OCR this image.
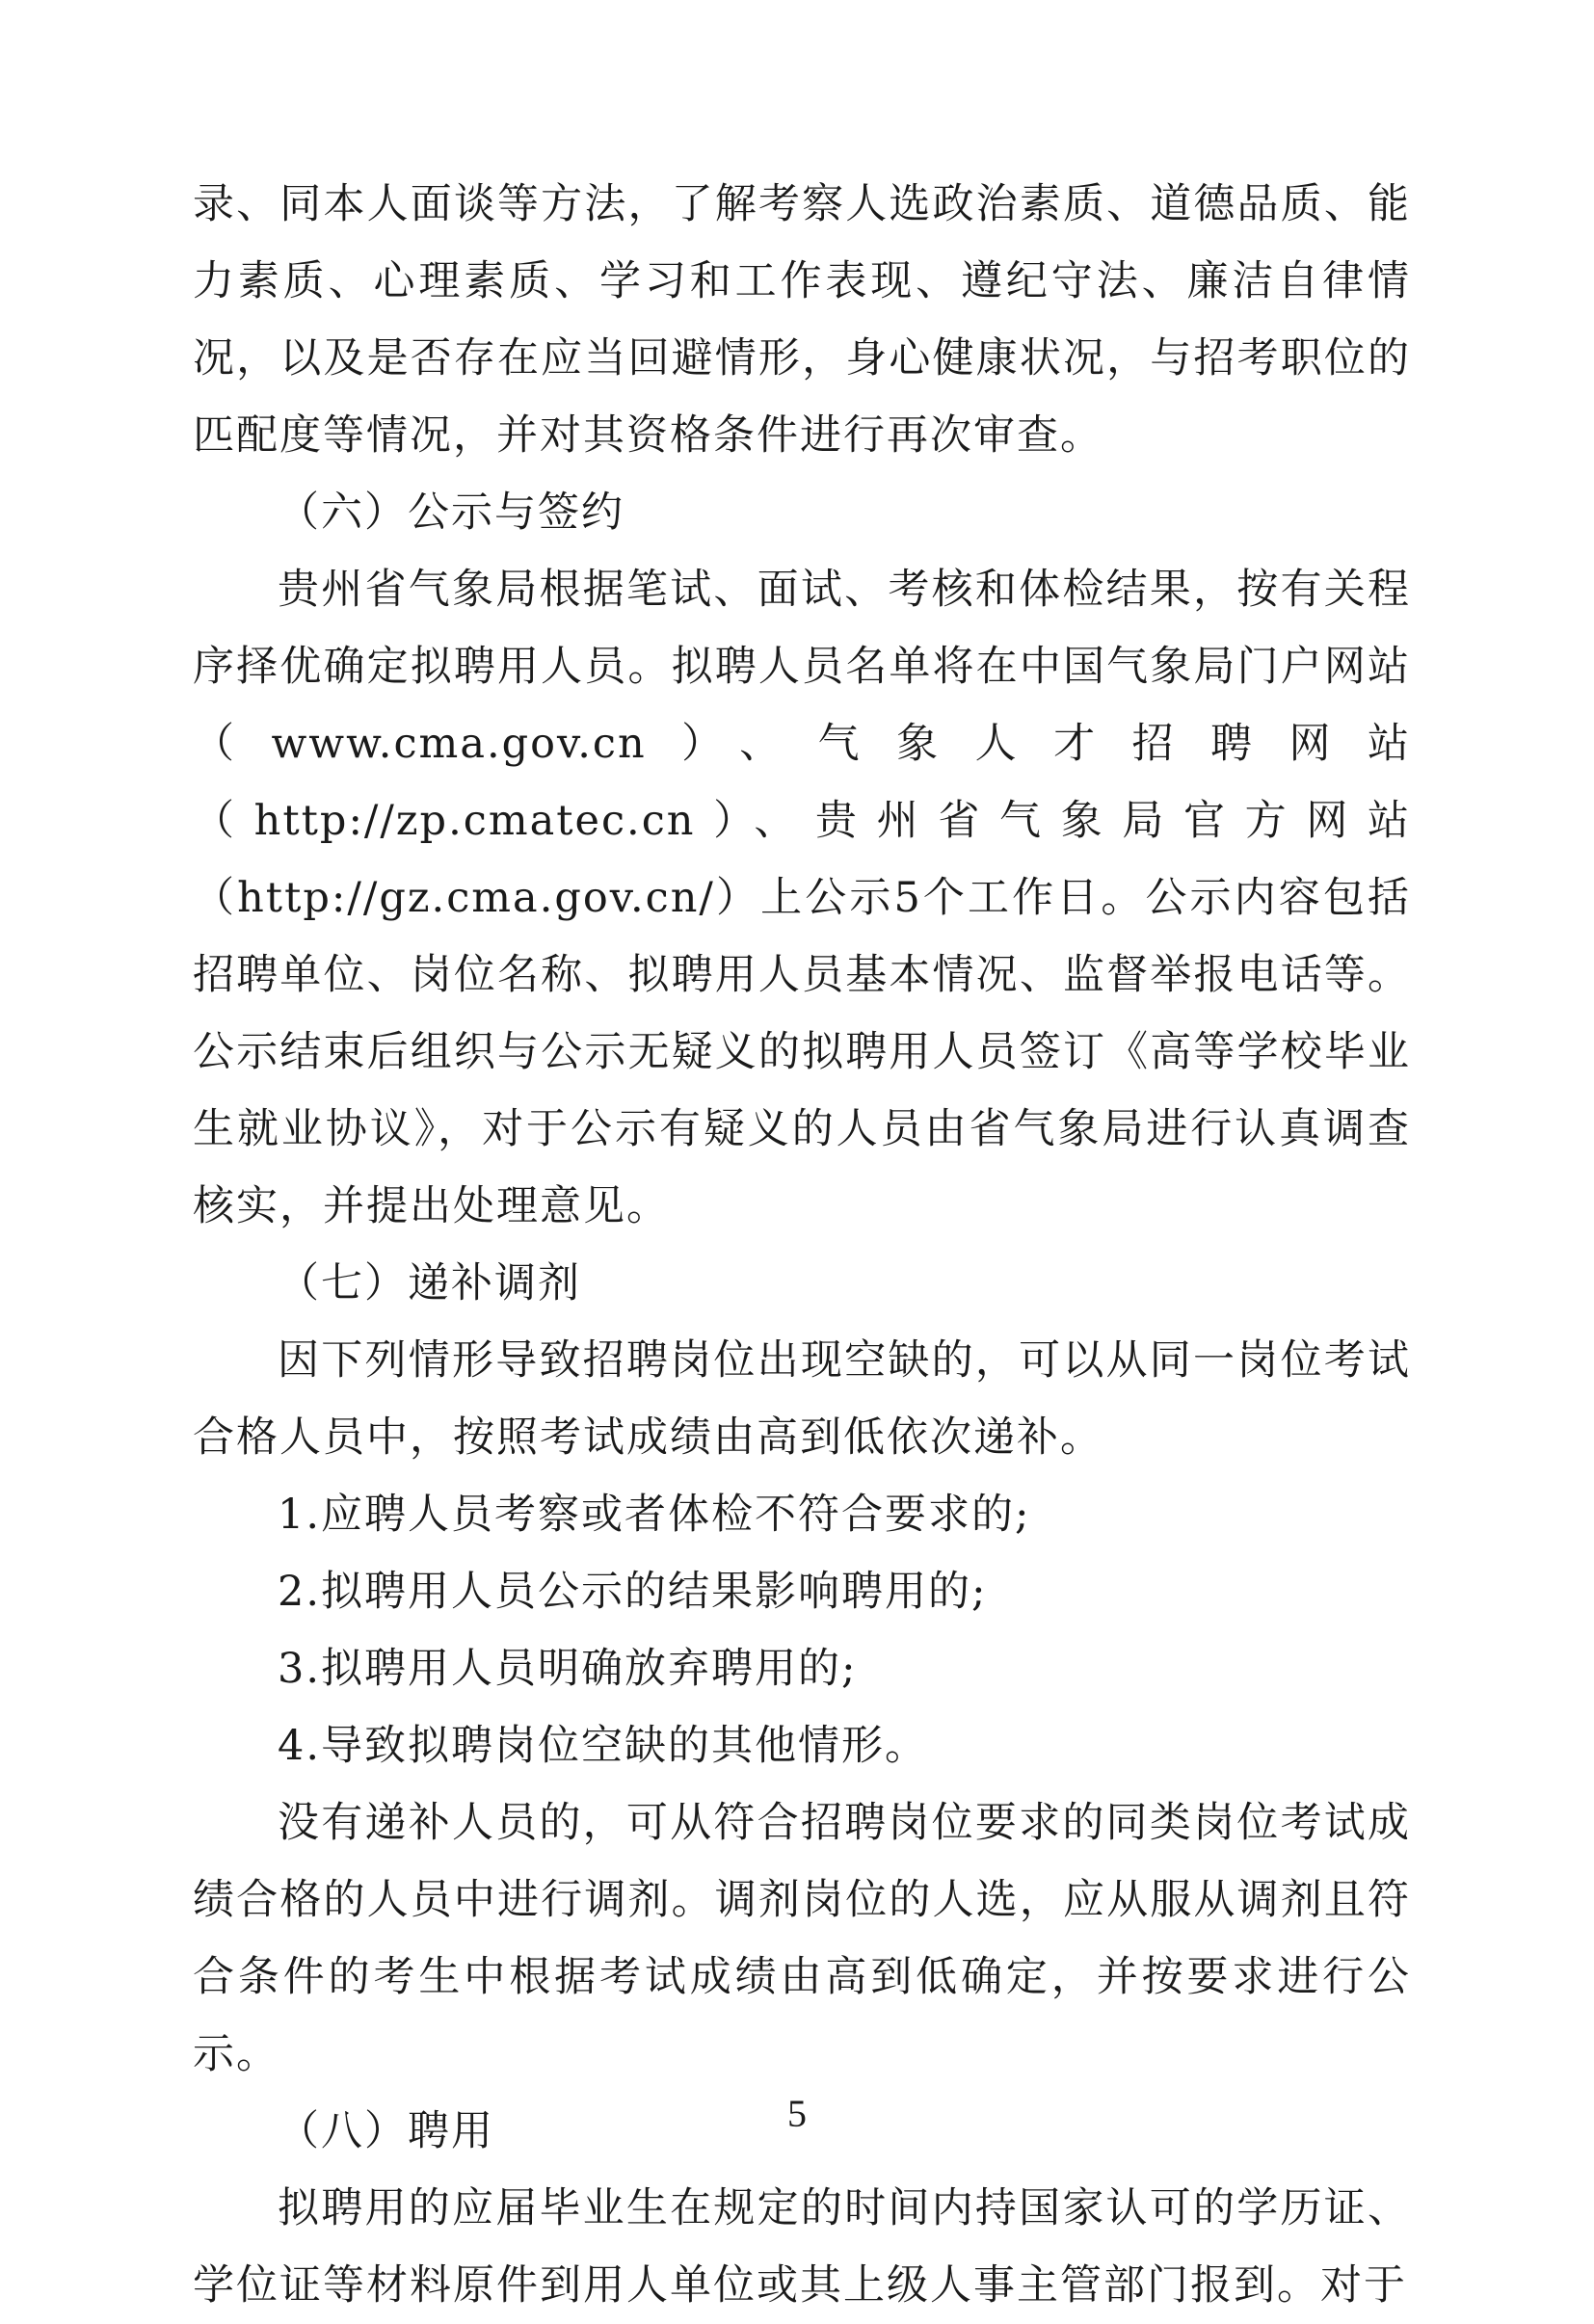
录、同本人面谈等方法，了解考察人选政治素质、道德品质、能力素质、心理素质、学习和工作表现、遵纪守法、廉洁自律情况，以及是否存在应当回避情形，身心健康状况，与招考职位的匹配度等情况，并对其资格条件进行再次审查。

（六）公示与签约

贵州省气象局根据笔试、面试、考核和体检结果，按有关程序择优确定拟聘用人员。拟聘人员名单将在中国气象局门户网站（www.cma.gov.cn）、气象人才招聘网站（http://zp.cmatec.cn）、贵州省气象局官方网站（http://gz.cma.gov.cn/）上公示5个工作日。公示内容包括招聘单位、岗位名称、拟聘用人员基本情况、监督举报电话等。公示结束后组织与公示无疑义的拟聘用人员签订《高等学校毕业生就业协议》，对于公示有疑义的人员由省气象局进行认真调查核实，并提出处理意见。

（七）递补调剂

因下列情形导致招聘岗位出现空缺的，可以从同一岗位考试合格人员中，按照考试成绩由高到低依次递补。

1.应聘人员考察或者体检不符合要求的;

2.拟聘用人员公示的结果影响聘用的;

3.拟聘用人员明确放弃聘用的;

4.导致拟聘岗位空缺的其他情形。

没有递补人员的，可从符合招聘岗位要求的同类岗位考试成绩合格的人员中进行调剂。调剂岗位的人选，应从服从调剂且符合条件的考生中根据考试成绩由高到低确定，并按要求进行公示。

（八）聘用

拟聘用的应届毕业生在规定的时间内持国家认可的学历证、学位证等材料原件到用人单位或其上级人事主管部门报到。对于

5
